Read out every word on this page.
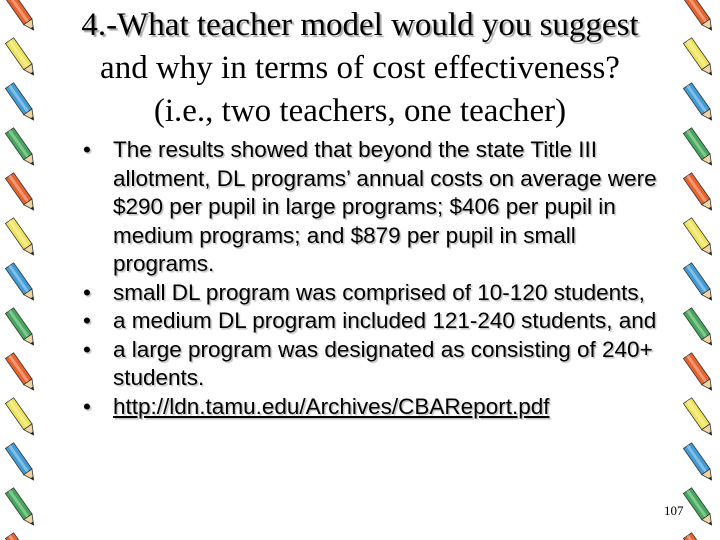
4.-What teacher model would you suggest
and why in terms of cost effectiveness?
(i.e., two teachers, one teacher)
• The results showed that beyond the state Title III allotment, DL programs’ annual costs on average were $290 per pupil in large programs; $406 per pupil in medium programs; and $879 per pupil in small programs.
• small DL program was comprised of 10-120 students,
• a medium DL program included 121-240 students, and
• a large program was designated as consisting of 240+ students.
• http://ldn.tamu.edu/Archives/CBAReport.pdf
107
